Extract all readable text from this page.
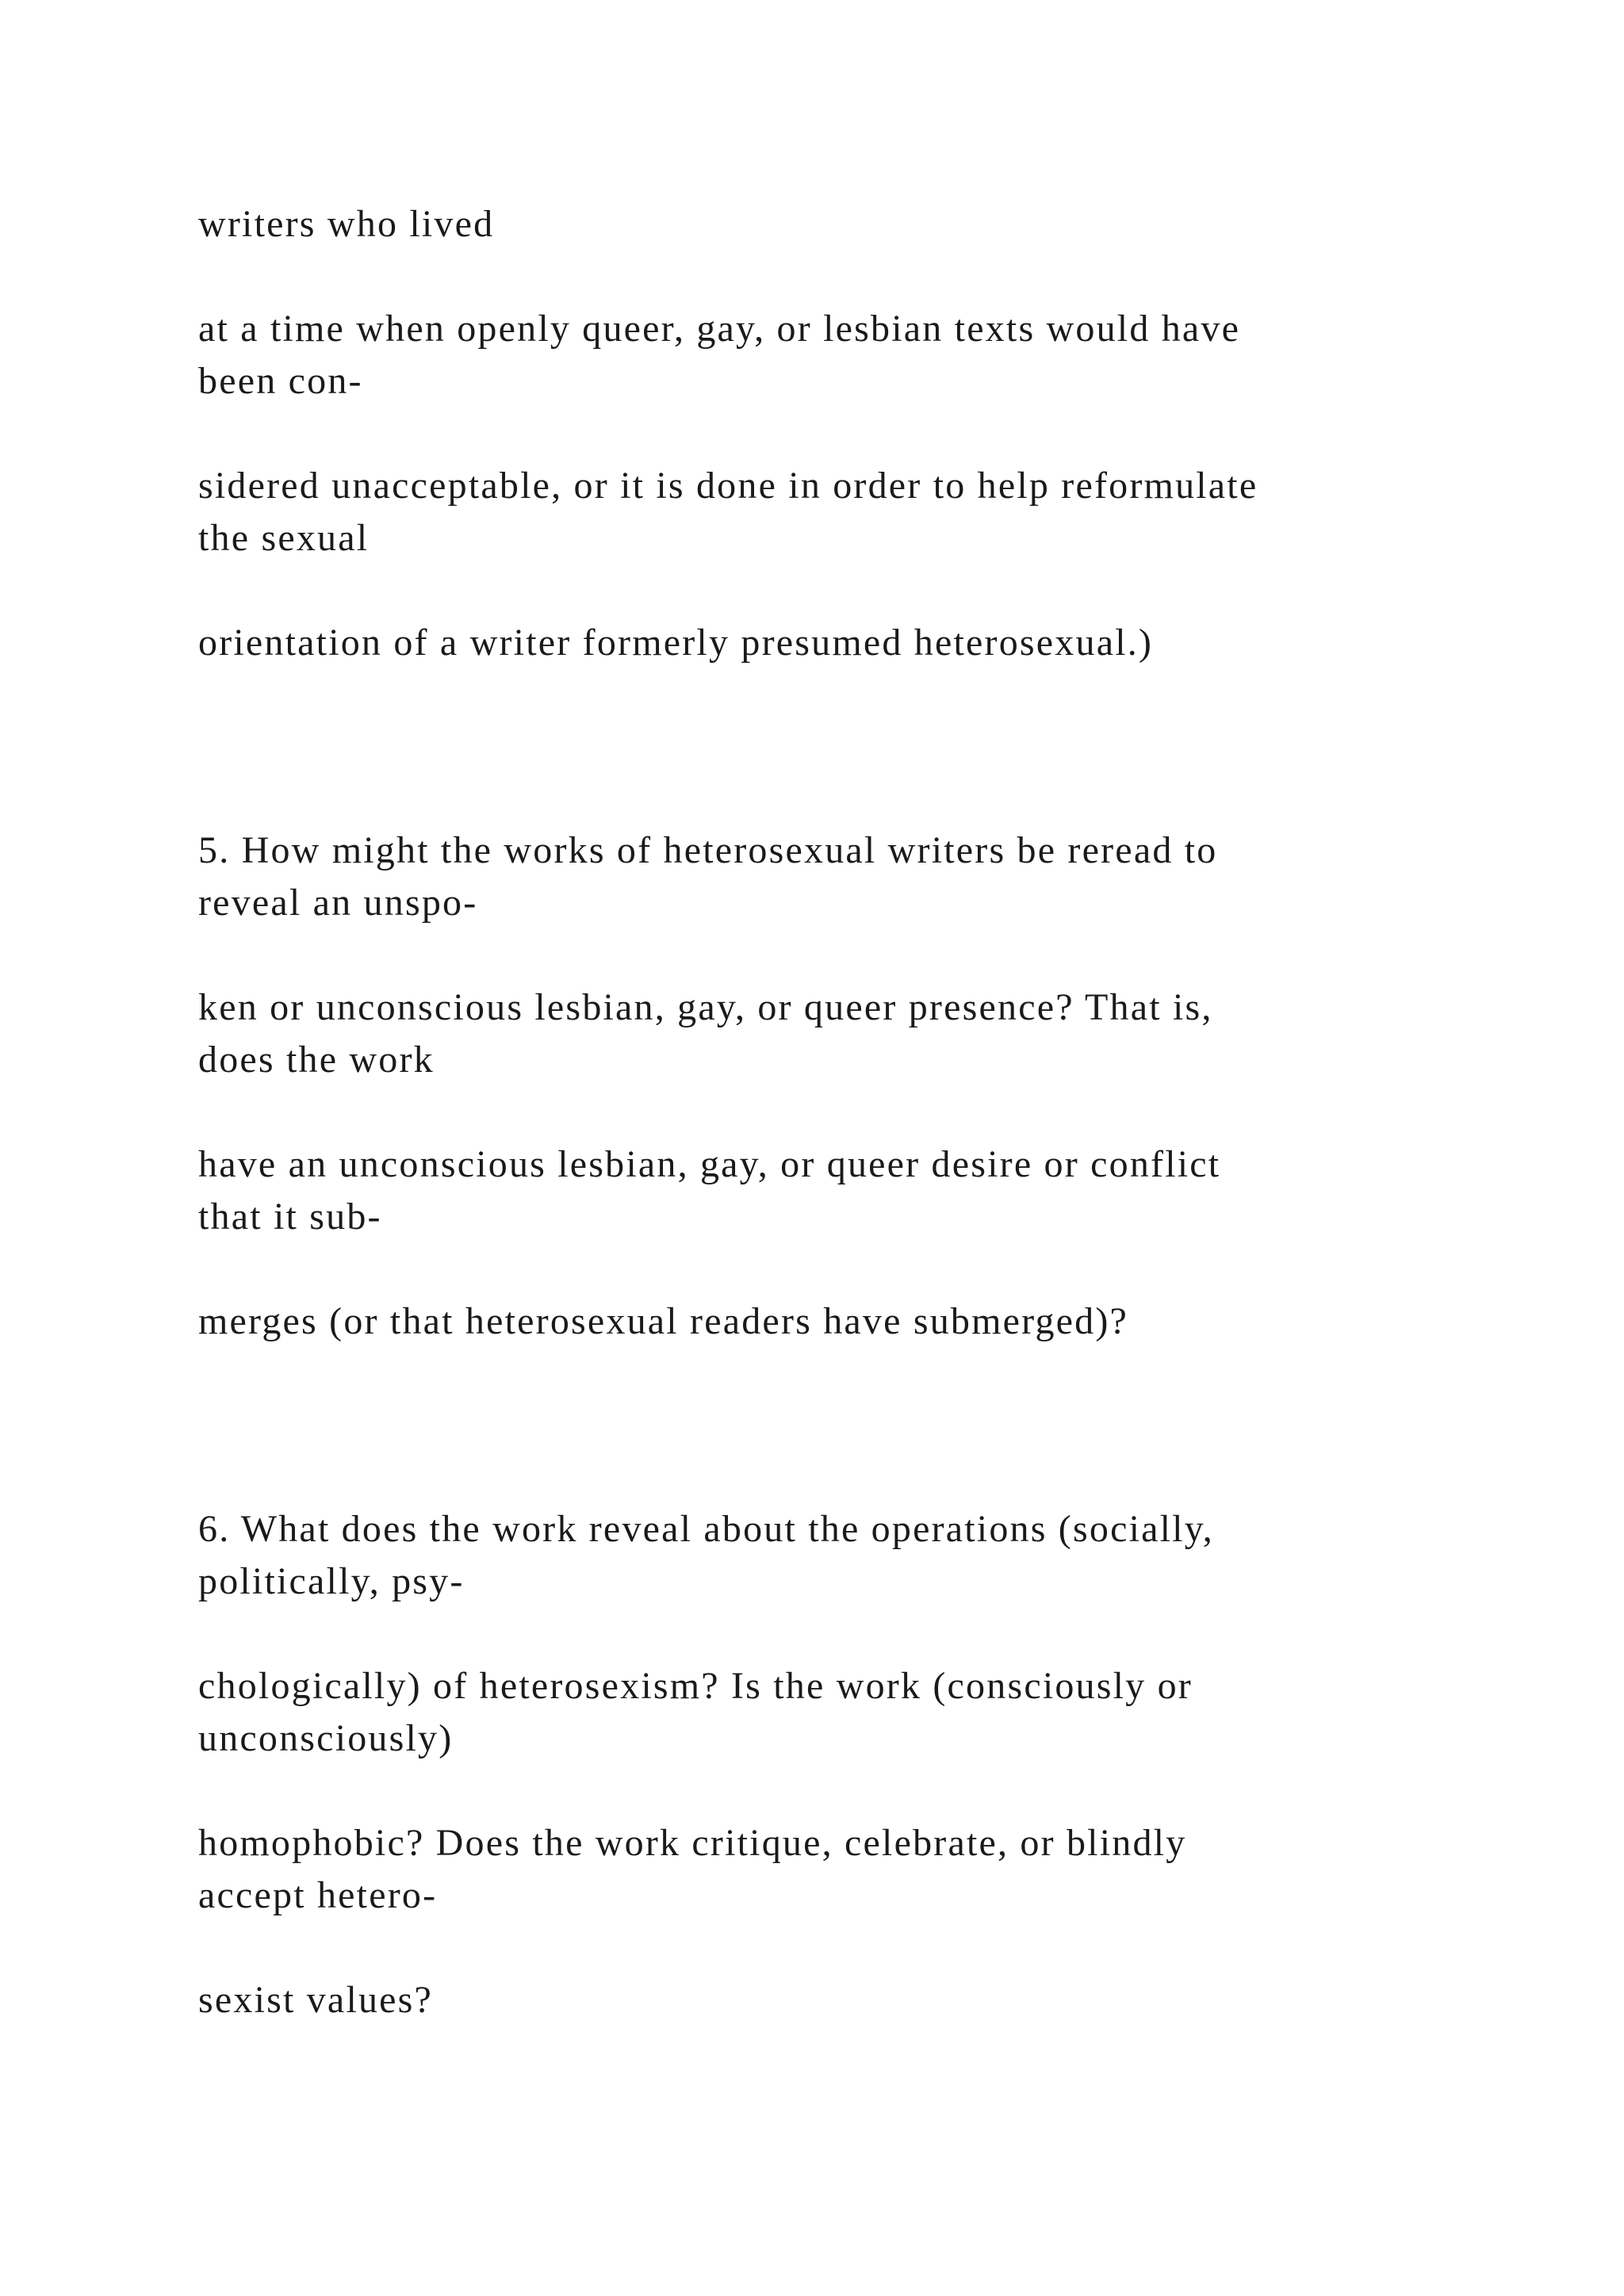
writers who lived

at a time when openly queer, gay, or lesbian texts would have

been con-

sidered unacceptable, or it is done in order to help reformulate

the sexual

orientation of a writer formerly presumed heterosexual.)

5. How might the works of heterosexual writers be reread to

reveal an unspo-

ken or unconscious lesbian, gay, or queer presence? That is,

does the work

have an unconscious lesbian, gay, or queer desire or conflict

that it sub-

merges (or that heterosexual readers have submerged)?

6. What does the work reveal about the operations (socially,

politically, psy-

chologically) of heterosexism? Is the work (consciously or

unconsciously)

homophobic? Does the work critique, celebrate, or blindly

accept hetero-

sexist values?
